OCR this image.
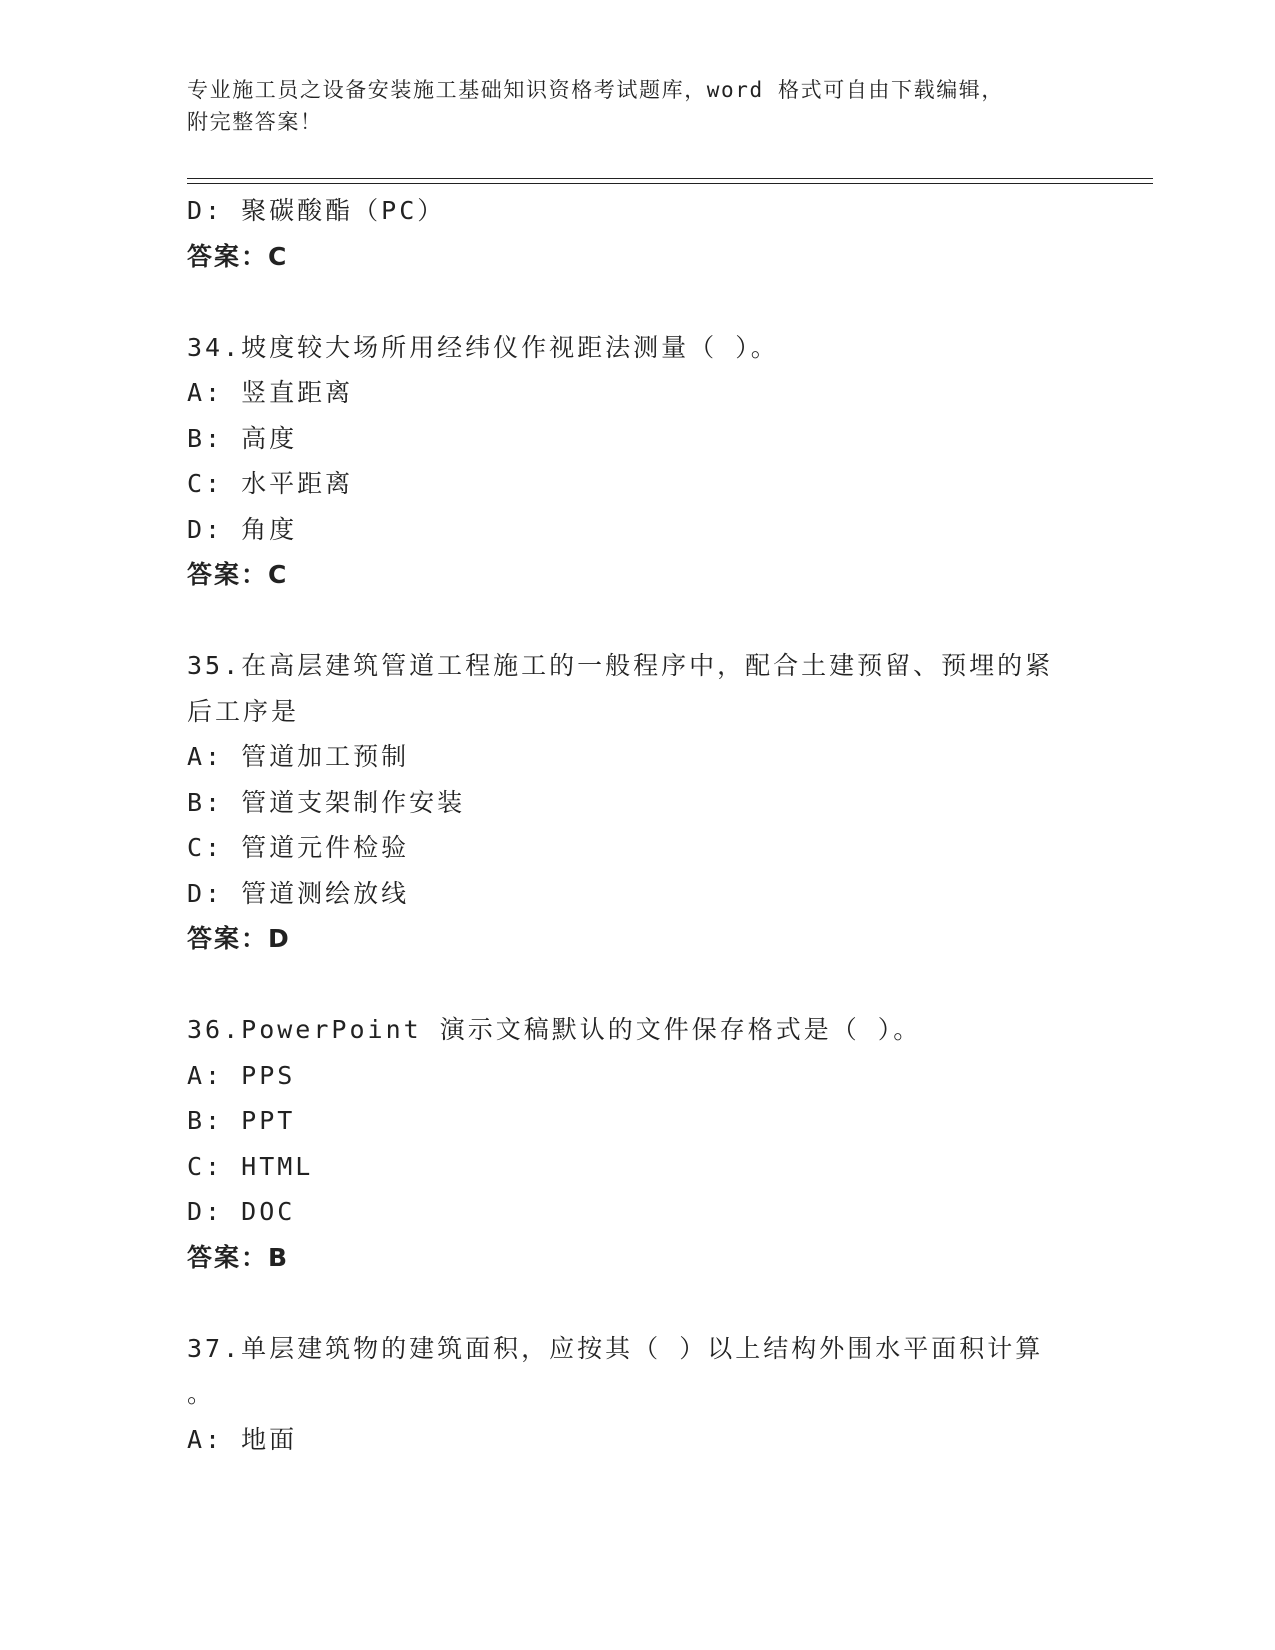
专业施工员之设备安装施工基础知识资格考试题库，word 格式可自由下载编辑，
附完整答案！
D: 聚碳酸酯（PC）
答案：C
34.坡度较大场所用经纬仪作视距法测量（ ）。
A: 竖直距离
B: 高度
C: 水平距离
D: 角度
答案：C
35.在高层建筑管道工程施工的一般程序中，配合土建预留、预埋的紧
后工序是
A: 管道加工预制
B: 管道支架制作安装
C: 管道元件检验
D: 管道测绘放线
答案：D
36.PowerPoint 演示文稿默认的文件保存格式是（ ）。
A: PPS
B: PPT
C: HTML
D: DOC
答案：B
37.单层建筑物的建筑面积，应按其（ ）以上结构外围水平面积计算
。
A: 地面
